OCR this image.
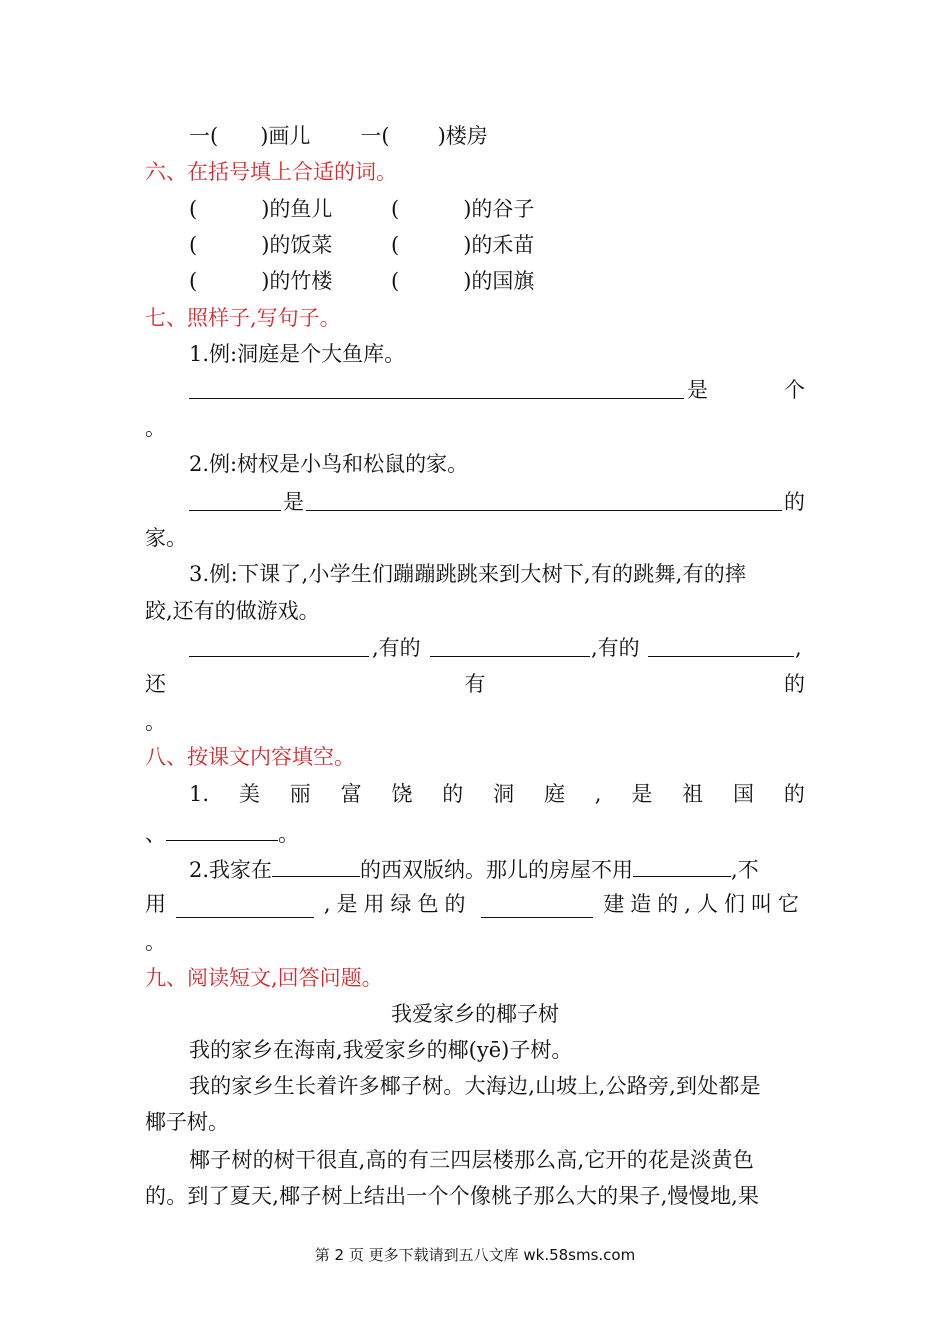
一( )画儿 一( )楼房
六、在括号填上合适的词。
(	)的鱼儿	(	)的谷子
(	)的饭菜	(	)的禾苗
(	)的竹楼	(	)的国旗
七、照样子,写句子。
1.例:洞庭是个大鱼库。
是	个
。
2.例:树杈是小鸟和松鼠的家。
是	的
家。
3.例:下课了,小学生们蹦蹦跳跳来到大树下,有的跳舞,有的摔
跤,还有的做游戏。
,有的	,有的	,
还	有	的
。
八、按课文内容填空。
1. 美 丽 富 饶 的 洞 庭 , 是 祖 国 的
、	。
2.我家在	的西双版纳。那儿的房屋不用	,不
用	,是用绿色的	建造的,人们叫它
。
九、阅读短文,回答问题。
我爱家乡的椰子树
我的家乡在海南,我爱家乡的椰(yē)子树。
我的家乡生长着许多椰子树。大海边,山坡上,公路旁,到处都是
椰子树。
椰子树的树干很直,高的有三四层楼那么高,它开的花是淡黄色
的。到了夏天,椰子树上结出一个个像桃子那么大的果子,慢慢地,果
第 2 页 更多下载请到五八文库 wk.58sms.com
